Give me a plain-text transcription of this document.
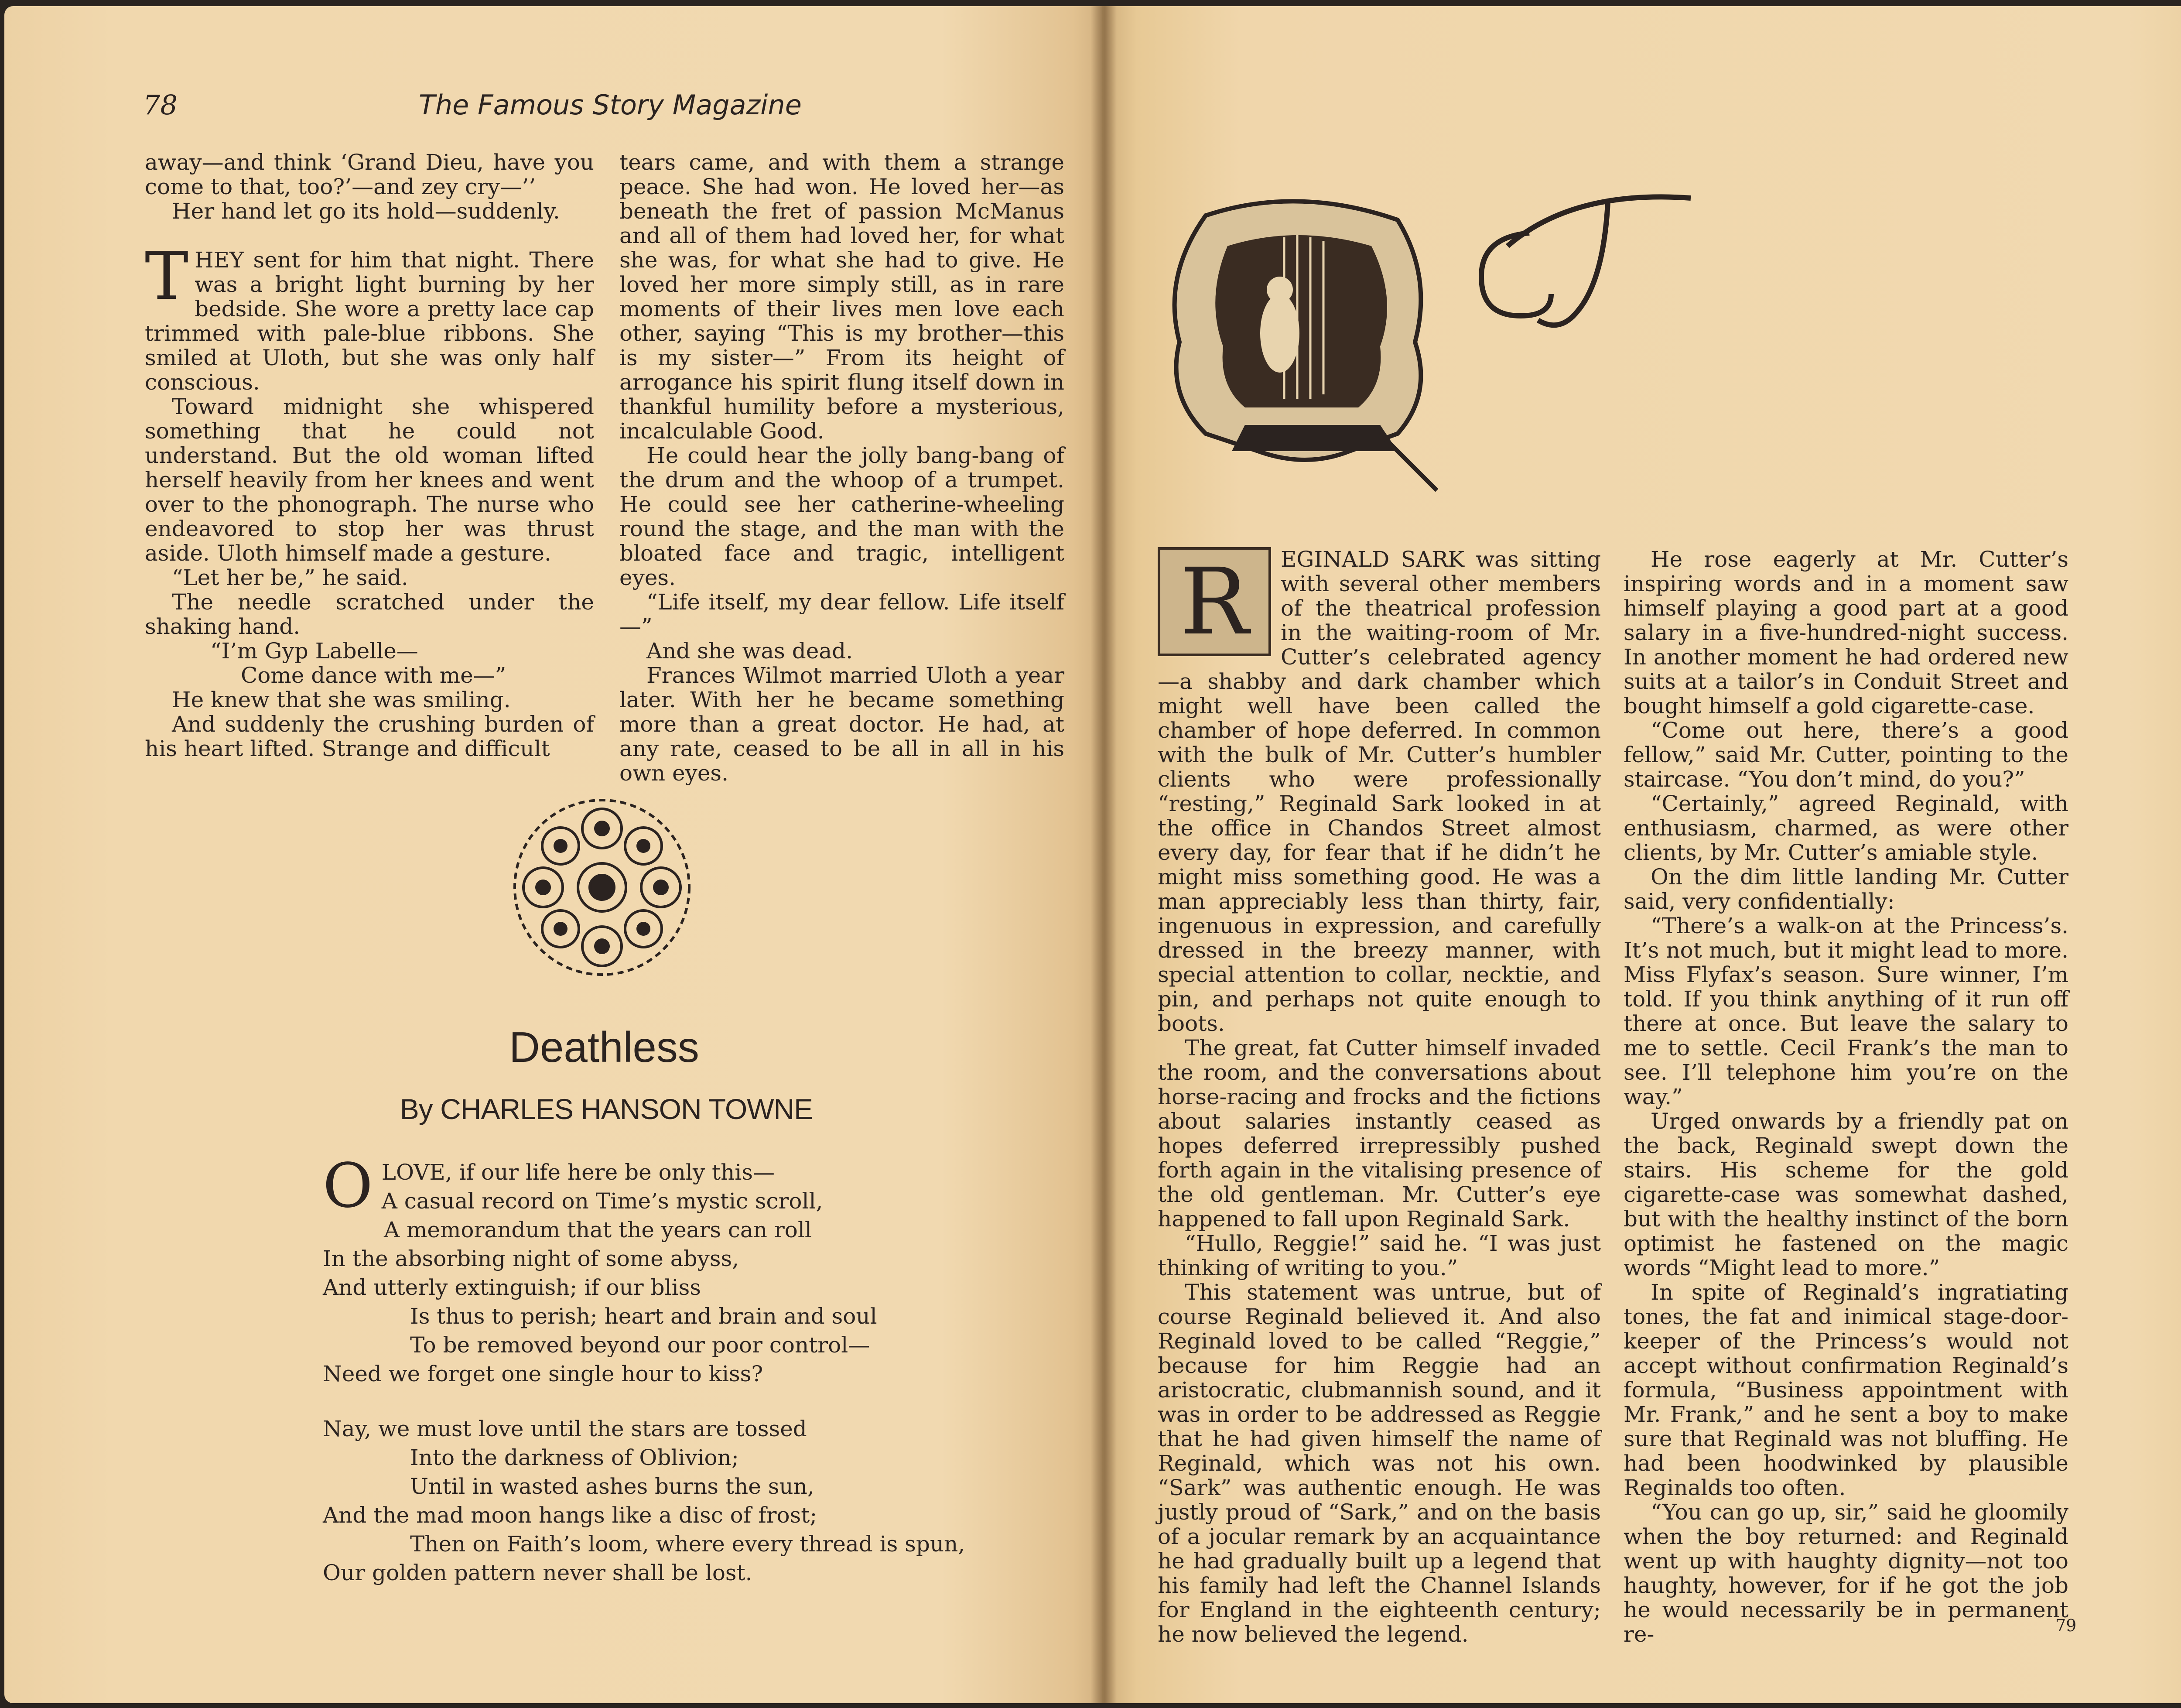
78	The Famous Story Magazine

away—and think ‘Grand Dieu, have you come to that, too?’—and zey cry—’’

Her hand let go its hold—suddenly.

THEY sent for him that night. There was a bright light burning by her bedside. She wore a pretty lace cap trimmed with pale-blue ribbons. She smiled at Uloth, but she was only half conscious.

Toward midnight she whispered something that he could not understand. But the old woman lifted herself heavily from her knees and went over to the phonograph. The nurse who endeavored to stop her was thrust aside. Uloth himself made a gesture.

“Let her be,” he said.

The needle scratched under the shaking hand.

“I’m Gyp Labelle—

Come dance with me—”

He knew that she was smiling.

And suddenly the crushing burden of his heart lifted. Strange and difficult

tears came, and with them a strange peace. She had won. He loved her—as beneath the fret of passion McManus and all of them had loved her, for what she was, for what she had to give. He loved her more simply still, as in rare moments of their lives men love each other, saying “This is my brother—this is my sister—” From its height of arrogance his spirit flung itself down in thankful humility before a mysterious, incalculable Good.

He could hear the jolly bang-bang of the drum and the whoop of a trumpet. He could see her catherine-wheeling round the stage, and the man with the bloated face and tragic, intelligent eyes.

“Life itself, my dear fellow. Life itself—”

And she was dead.

Frances Wilmot married Uloth a year later. With her he became something more than a great doctor. He had, at any rate, ceased to be all in all in his own eyes.

Deathless
By CHARLES HANSON TOWNE
O LOVE, if our life here be only this—
A casual record on Time’s mystic scroll,
A memorandum that the years can roll
In the absorbing night of some abyss,
And utterly extinguish; if our bliss
Is thus to perish; heart and brain and soul
To be removed beyond our poor control—
Need we forget one single hour to kiss?
Nay, we must love until the stars are tossed
Into the darkness of Oblivion;
Until in wasted ashes burns the sun,
And the mad moon hangs like a disc of frost;
Then on Faith’s loom, where every thread is spun,
Our golden pattern never shall be lost.

R	EGINALD SARK was sitting with several other members of the theatrical profession in the waiting-room of Mr. Cutter’s celebrated agency—a shabby and dark chamber which might well have been called the chamber of hope deferred. In common with the bulk of Mr. Cutter’s humbler clients who were professionally “resting,” Reginald Sark looked in at the office in Chandos Street almost every day, for fear that if he didn’t he might miss something good. He was a man appreciably less than thirty, fair, ingenuous in expression, and carefully dressed in the breezy manner, with special attention to collar, necktie, and pin, and perhaps not quite enough to boots.

The great, fat Cutter himself invaded the room, and the conversations about horse-racing and frocks and the fictions about salaries instantly ceased as hopes deferred irrepressibly pushed forth again in the vitalising presence of the old gentleman. Mr. Cutter’s eye happened to fall upon Reginald Sark.

“Hullo, Reggie!” said he. “I was just thinking of writing to you.”

This statement was untrue, but of course Reginald believed it. And also Reginald loved to be called “Reggie,” because for him Reggie had an aristocratic, clubmannish sound, and it was in order to be addressed as Reggie that he had given himself the name of Reginald, which was not his own. “Sark” was authentic enough. He was justly proud of “Sark,” and on the basis of a jocular remark by an acquaintance he had gradually built up a legend that his family had left the Channel Islands for England in the eighteenth century; he now believed the legend.

He rose eagerly at Mr. Cutter’s inspiring words and in a moment saw himself playing a good part at a good salary in a five-hundred-night success. In another moment he had ordered new suits at a tailor’s in Conduit Street and bought himself a gold cigarette-case.

“Come out here, there’s a good fellow,” said Mr. Cutter, pointing to the staircase. “You don’t mind, do you?”

“Certainly,” agreed Reginald, with enthusiasm, charmed, as were other clients, by Mr. Cutter’s amiable style.

On the dim little landing Mr. Cutter said, very confidentially:

“There’s a walk-on at the Princess’s. It’s not much, but it might lead to more. Miss Flyfax’s season. Sure winner, I’m told. If you think anything of it run off there at once. But leave the salary to me to settle. Cecil Frank’s the man to see. I’ll telephone him you’re on the way.”

Urged onwards by a friendly pat on the back, Reginald swept down the stairs. His scheme for the gold cigarette-case was somewhat dashed, but with the healthy instinct of the born optimist he fastened on the magic words “Might lead to more.”

In spite of Reginald’s ingratiating tones, the fat and inimical stage-door-keeper of the Princess’s would not accept without confirmation Reginald’s formula, “Business appointment with Mr. Frank,” and he sent a boy to make sure that Reginald was not bluffing. He had been hoodwinked by plausible Reginalds too often.

“You can go up, sir,” said he gloomily when the boy returned: and Reginald went up with haughty dignity—not too haughty, however, for if he got the job he would necessarily be in permanent re-	79
